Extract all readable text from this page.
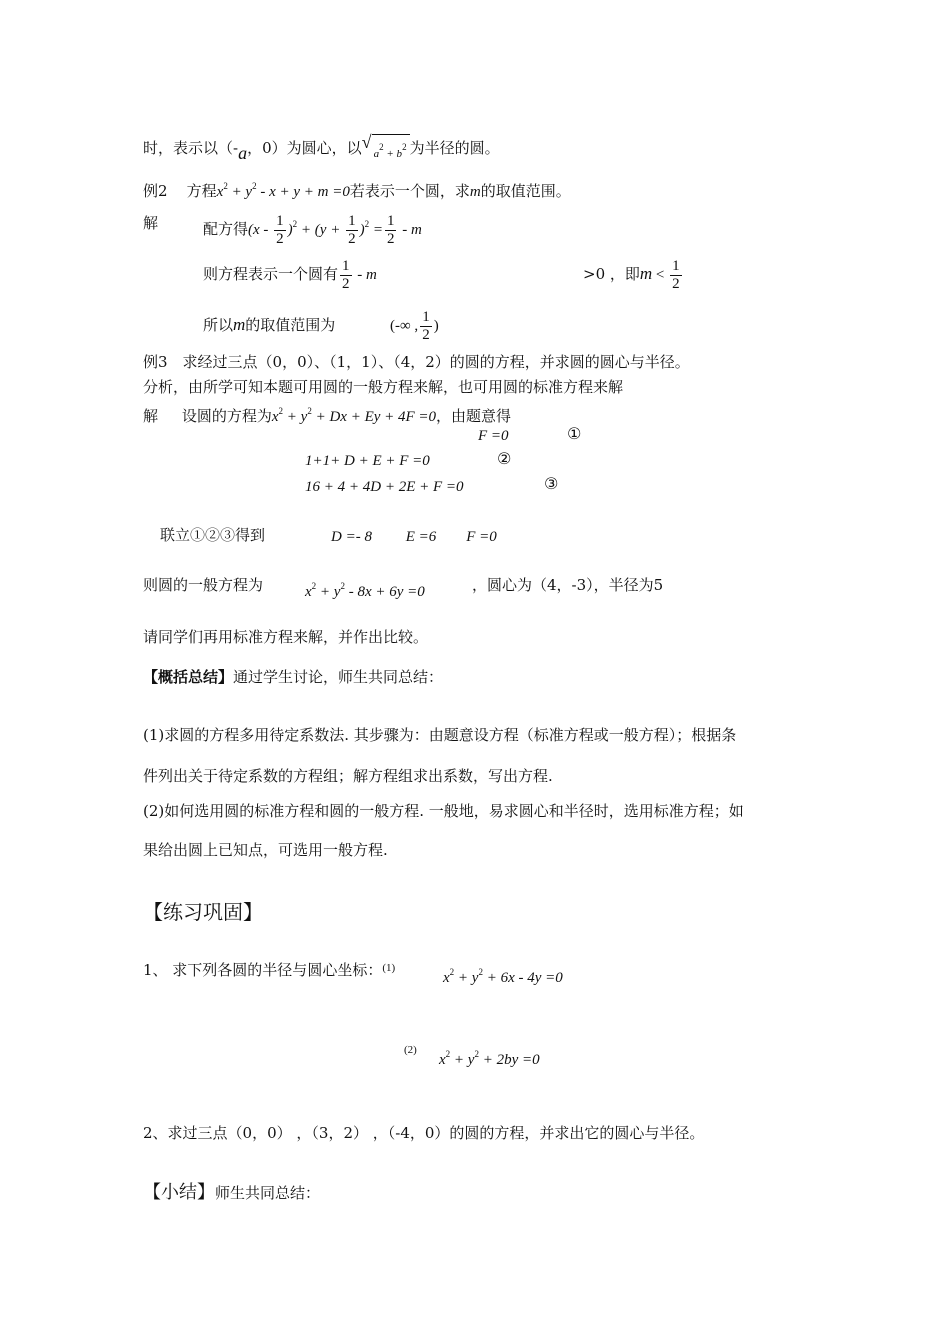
时，表示以（-a，0）为圆心，以 √
$a^2 + b^2$ 为半径的圆。
例2 方程$x^2 + y^2 - x + y + m =0$若表示一个圆，求m的取值范围。
解	配方得$(x - \frac{1}{2} )^2 + (y + \frac{1}{2} )^2 = \frac{1}{2} - m$
则方程表示一个圆有 $\frac{1}{2}$ - m	>0 ，即$m < \frac{1}{2}$
所以m的取值范围为	(-∞ , $\frac{1}{2}$ )
例3　求经过三点（0，0）、（1，1）、（4，2）的圆的方程，并求圆的圆心与半径。
分析，由所学可知本题可用圆的一般方程来解，也可用圆的标准方程来解
解 设圆的方程为$x^2 + y^2 + Dx + Ey + 4F =0$，由题意得
F =0	①
1+1+ D + E + F =0	②
16 + 4 + 4D + 2E + F =0	③
联立①②③得到	D =- 8         E =6        F =0
则圆的一般方程为	$x^2 + y^2 - 8x + 6y =0$	，圆心为（4，-3），半径为5
请同学们再用标准方程来解，并作出比较。
【概括总结】通过学生讨论，师生共同总结：
(1)求圆的方程多用待定系数法. 其步骤为：由题意设方程（标准方程或一般方程）；根据条
件列出关于待定系数的方程组；解方程组求出系数，写出方程.
(2)如何选用圆的标准方程和圆的一般方程. 一般地，易求圆心和半径时，选用标准方程；如
果给出圆上已知点，可选用一般方程.
【练习巩固】
1、 求下列各圆的半径与圆心坐标：$^{(1)}$
$x^2 + y^2 + 6x - 4y =0$
(2)
$x^2 + y^2 + 2by =0$
2、求过三点（0，0） ，（3，2） ，（-4，0）的圆的方程，并求出它的圆心与半径。
【小结】师生共同总结：
